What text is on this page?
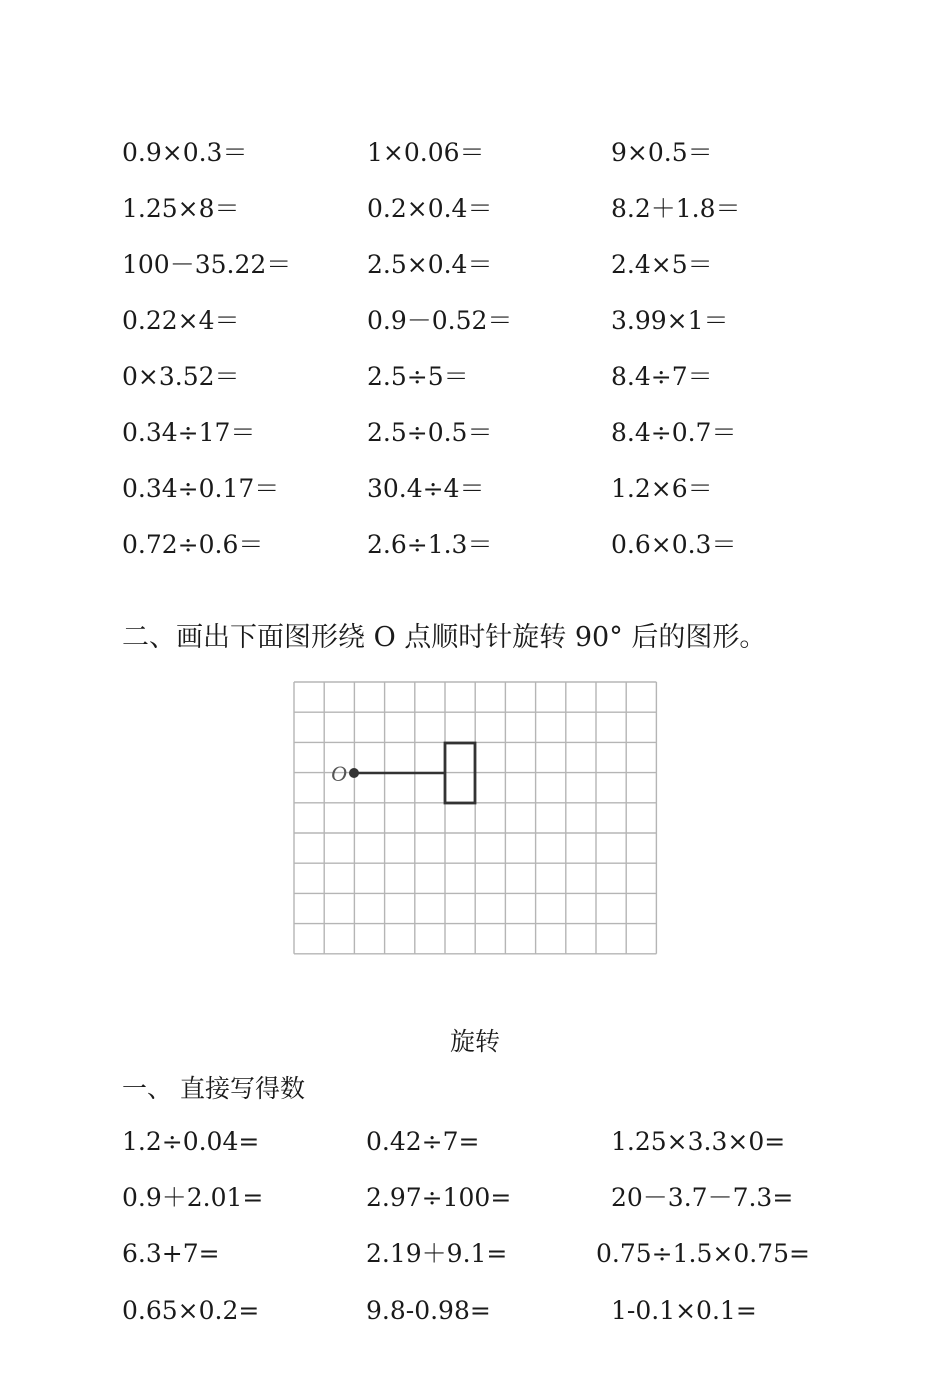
0.9×0.3＝	1×0.06＝	9×0.5＝
1.25×8＝	0.2×0.4＝	8.2＋1.8＝
100－35.22＝	2.5×0.4＝	2.4×5＝
0.22×4＝	0.9－0.52＝	3.99×1＝
0×3.52＝	2.5÷5＝	8.4÷7＝
0.34÷17＝	2.5÷0.5＝	8.4÷0.7＝
0.34÷0.17＝	30.4÷4＝	1.2×6＝
0.72÷0.6＝	2.6÷1.3＝	0.6×0.3＝
二、画出下面图形绕 O 点顺时针旋转 90° 后的图形。
O
旋转
一、 直接写得数
1.2÷0.04=	0.42÷7=	1.25×3.3×0=
0.9＋2.01=	2.97÷100=	20－3.7－7.3=
6.3+7=	2.19＋9.1=	0.75÷1.5×0.75=
0.65×0.2=	9.8-0.98=	1-0.1×0.1=
